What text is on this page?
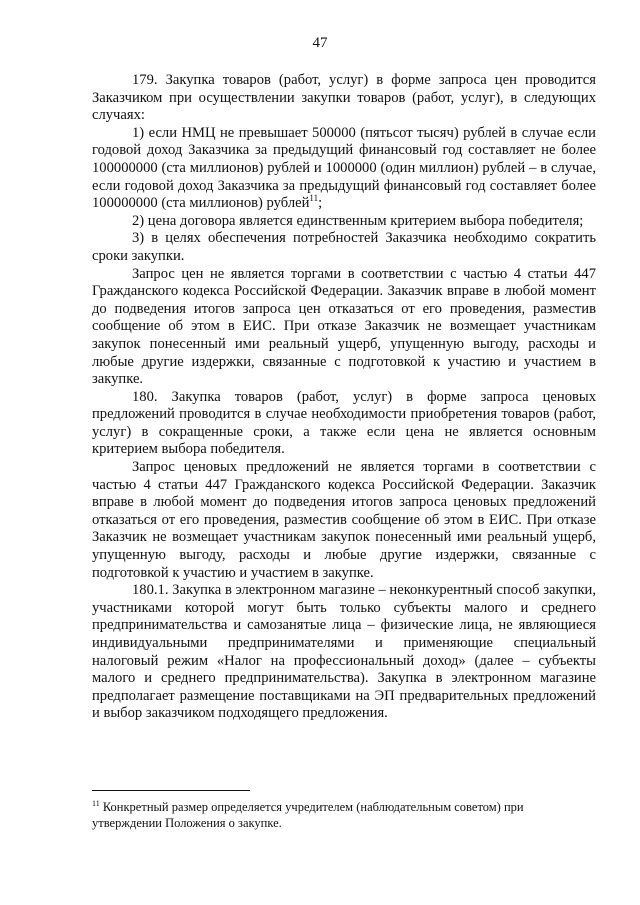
47

179. Закупка товаров (работ, услуг) в форме запроса цен проводится Заказчиком при осуществлении закупки товаров (работ, услуг), в следующих случаях:

1) если НМЦ не превышает 500000 (пятьсот тысяч) рублей в случае если годовой доход Заказчика за предыдущий финансовый год составляет не более 100000000 (ста миллионов) рублей и 1000000 (один миллион) рублей – в случае, если годовой доход Заказчика за предыдущий финансовый год составляет более 100000000 (ста миллионов) рублей$^{11}$;

2) цена договора является единственным критерием выбора победителя;

3) в целях обеспечения потребностей Заказчика необходимо сократить сроки закупки.

Запрос цен не является торгами в соответствии с частью 4 статьи 447 Гражданского кодекса Российской Федерации. Заказчик вправе в любой момент до подведения итогов запроса цен отказаться от его проведения, разместив сообщение об этом в ЕИС. При отказе Заказчик не возмещает участникам закупок понесенный ими реальный ущерб, упущенную выгоду, расходы и любые другие издержки, связанные с подготовкой к участию и участием в закупке.

180. Закупка товаров (работ, услуг) в форме запроса ценовых предложений проводится в случае необходимости приобретения товаров (работ, услуг) в сокращенные сроки, а также если цена не является основным критерием выбора победителя.

Запрос ценовых предложений не является торгами в соответствии с частью 4 статьи 447 Гражданского кодекса Российской Федерации. Заказчик вправе в любой момент до подведения итогов запроса ценовых предложений отказаться от его проведения, разместив сообщение об этом в ЕИС. При отказе Заказчик не возмещает участникам закупок понесенный ими реальный ущерб, упущенную выгоду, расходы и любые другие издержки, связанные с подготовкой к участию и участием в закупке.

180.1. Закупка в электронном магазине – неконкурентный способ закупки, участниками которой могут быть только субъекты малого и среднего предпринимательства и самозанятые лица – физические лица, не являющиеся индивидуальными предпринимателями и применяющие специальный налоговый режим «Налог на профессиональный доход» (далее – субъекты малого и среднего предпринимательства). Закупка в электронном магазине предполагает размещение поставщиками на ЭП предварительных предложений и выбор заказчиком подходящего предложения.

$^{11}$ Конкретный размер определяется учредителем (наблюдательным советом) при утверждении Положения о закупке.
